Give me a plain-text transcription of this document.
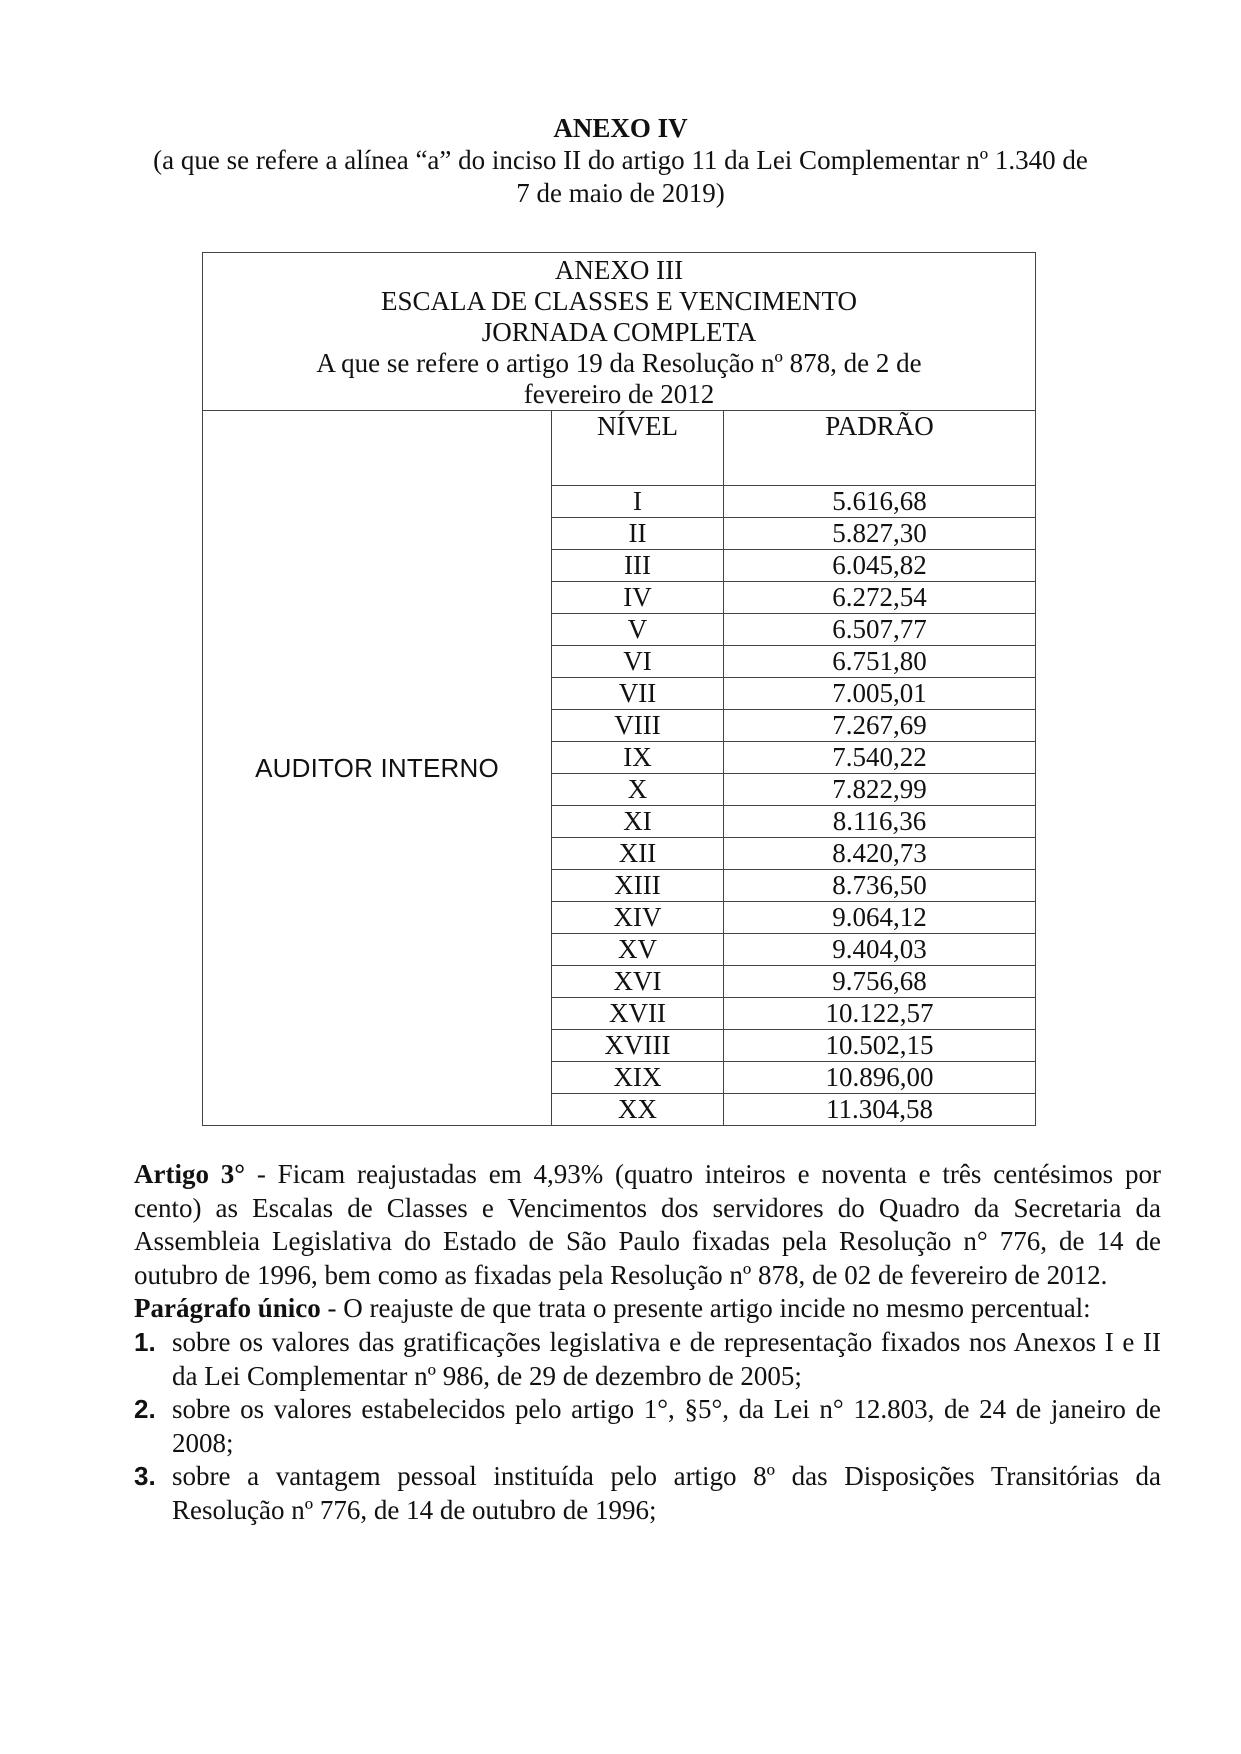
ANEXO IV
(a que se refere a alínea “a” do inciso II do artigo 11 da Lei Complementar nº 1.340 de
7 de maio de 2019)
ANEXO III
ESCALA DE CLASSES E VENCIMENTO
JORNADA COMPLETA
A que se refere o artigo 19 da Resolução nº 878, de 2 de
fevereiro de 2012		

AUDITOR INTERNO	NÍVEL	PADRÃO
	I	5.616,68
	II	5.827,30
	III	6.045,82
	IV	6.272,54
	V	6.507,77
	VI	6.751,80
	VII	7.005,01
	VIII	7.267,69
	IX	7.540,22
	X	7.822,99
	XI	8.116,36
	XII	8.420,73
	XIII	8.736,50
	XIV	9.064,12
	XV	9.404,03
	XVI	9.756,68
	XVII	10.122,57
	XVIII	10.502,15
	XIX	10.896,00
	XX	11.304,58

Artigo 3° - Ficam reajustadas em 4,93% (quatro inteiros e noventa e três centésimos por cento) as Escalas de Classes e Vencimentos dos servidores do Quadro da Secretaria da Assembleia Legislativa do Estado de São Paulo fixadas pela Resolução n° 776, de 14 de outubro de 1996, bem como as fixadas pela Resolução nº 878, de 02 de fevereiro de 2012.

Parágrafo único - O reajuste de que trata o presente artigo incide no mesmo percentual:

1. sobre os valores das gratificações legislativa e de representação fixados nos Anexos I e II da Lei Complementar nº 986, de 29 de dezembro de 2005;
2. sobre os valores estabelecidos pelo artigo 1°, §5°, da Lei n° 12.803, de 24 de janeiro de 2008;
3. sobre a vantagem pessoal instituída pelo artigo 8º das Disposições Transitórias da Resolução nº 776, de 14 de outubro de 1996;
